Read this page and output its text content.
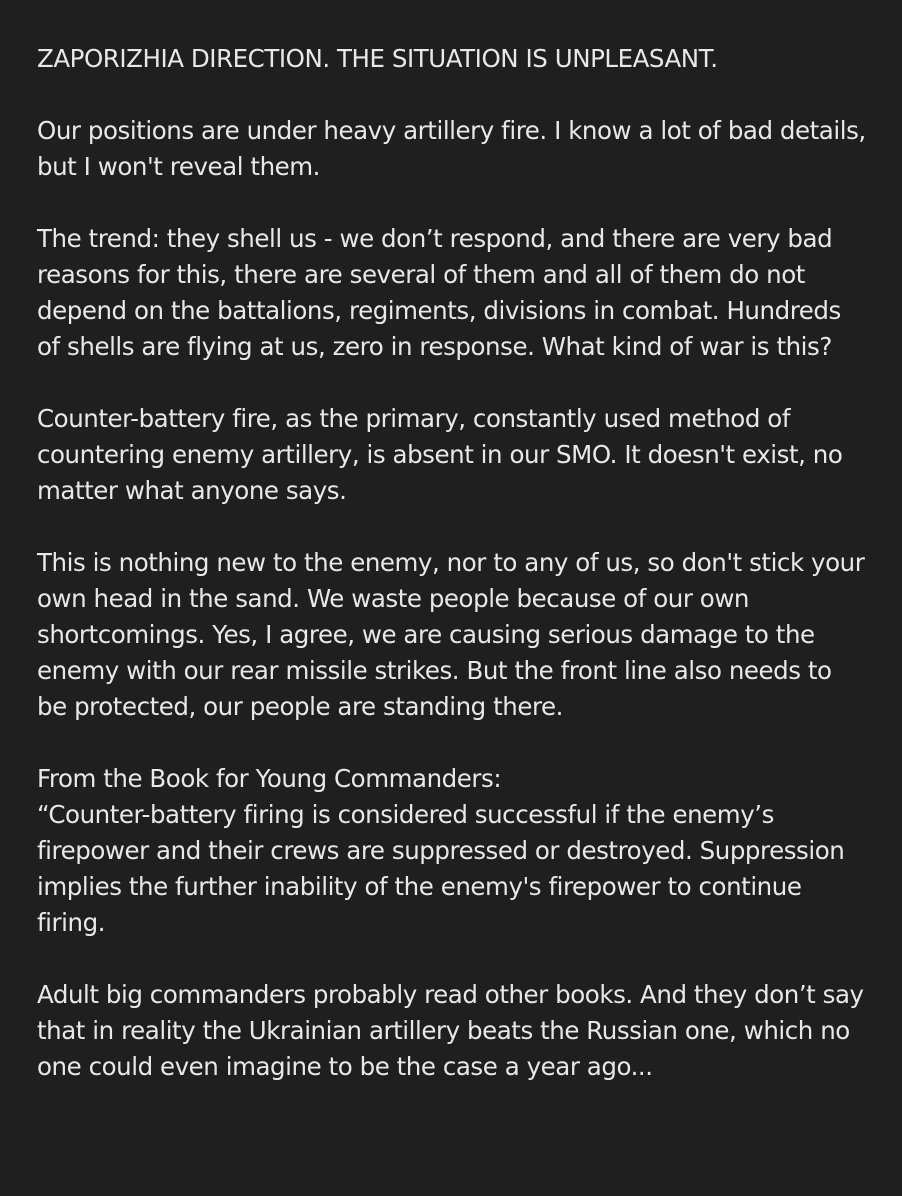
ZAPORIZHIA DIRECTION. THE SITUATION IS UNPLEASANT.

Our positions are under heavy artillery fire. I know a lot of bad details, but I won't reveal them.

The trend: they shell us - we don’t respond, and there are very bad reasons for this, there are several of them and all of them do not depend on the battalions, regiments, divisions in combat. Hundreds of shells are flying at us, zero in response. What kind of war is this?

Counter-battery fire, as the primary, constantly used method of countering enemy artillery, is absent in our SMO. It doesn't exist, no matter what anyone says.

This is nothing new to the enemy, nor to any of us, so don't stick your own head in the sand. We waste people because of our own shortcomings. Yes, I agree, we are causing serious damage to the enemy with our rear missile strikes. But the front line also needs to be protected, our people are standing there.

From the Book for Young Commanders:

“Counter-battery firing is considered successful if the enemy’s firepower and their crews are suppressed or destroyed. Suppression implies the further inability of the enemy's firepower to continue firing.

Adult big commanders probably read other books. And they don’t say that in reality the Ukrainian artillery beats the Russian one, which no one could even imagine to be the case a year ago...
